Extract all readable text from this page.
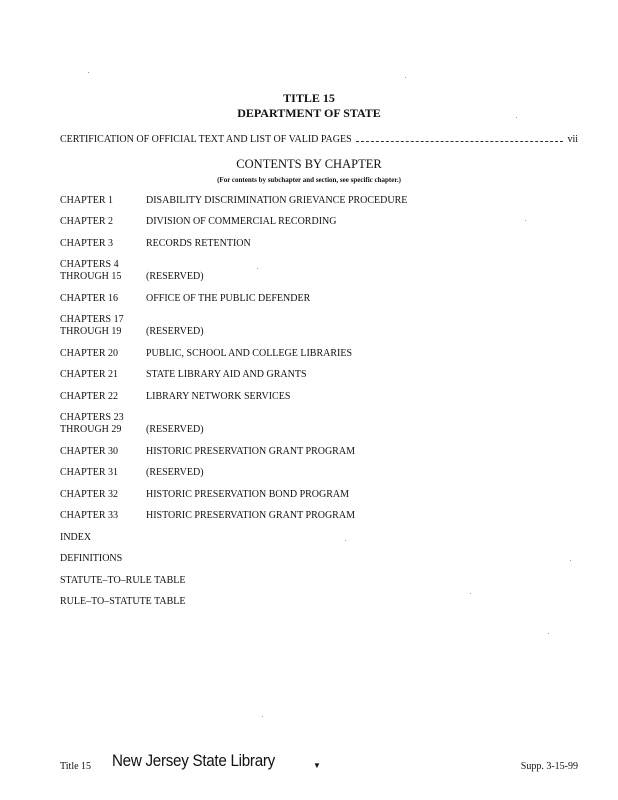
TITLE 15
DEPARTMENT OF STATE
CERTIFICATION OF OFFICIAL TEXT AND LIST OF VALID PAGES	vii
CONTENTS BY CHAPTER
(For contents by subchapter and section, see specific chapter.)
CHAPTER 1	DISABILITY DISCRIMINATION GRIEVANCE PROCEDURE
CHAPTER 2	DIVISION OF COMMERCIAL RECORDING
CHAPTER 3	RECORDS RETENTION
CHAPTERS 4
THROUGH 15	(RESERVED)
CHAPTER 16	OFFICE OF THE PUBLIC DEFENDER
CHAPTERS 17
THROUGH 19	(RESERVED)
CHAPTER 20	PUBLIC, SCHOOL AND COLLEGE LIBRARIES
CHAPTER 21	STATE LIBRARY AID AND GRANTS
CHAPTER 22	LIBRARY NETWORK SERVICES
CHAPTERS 23
THROUGH 29	(RESERVED)
CHAPTER 30	HISTORIC PRESERVATION GRANT PROGRAM
CHAPTER 31	(RESERVED)
CHAPTER 32	HISTORIC PRESERVATION BOND PROGRAM
CHAPTER 33	HISTORIC PRESERVATION GRANT PROGRAM
INDEX
DEFINITIONS
STATUTE–TO–RULE TABLE
RULE–TO–STATUTE TABLE
Title 15 New Jersey State Library	▼	Supp. 3-15-99
